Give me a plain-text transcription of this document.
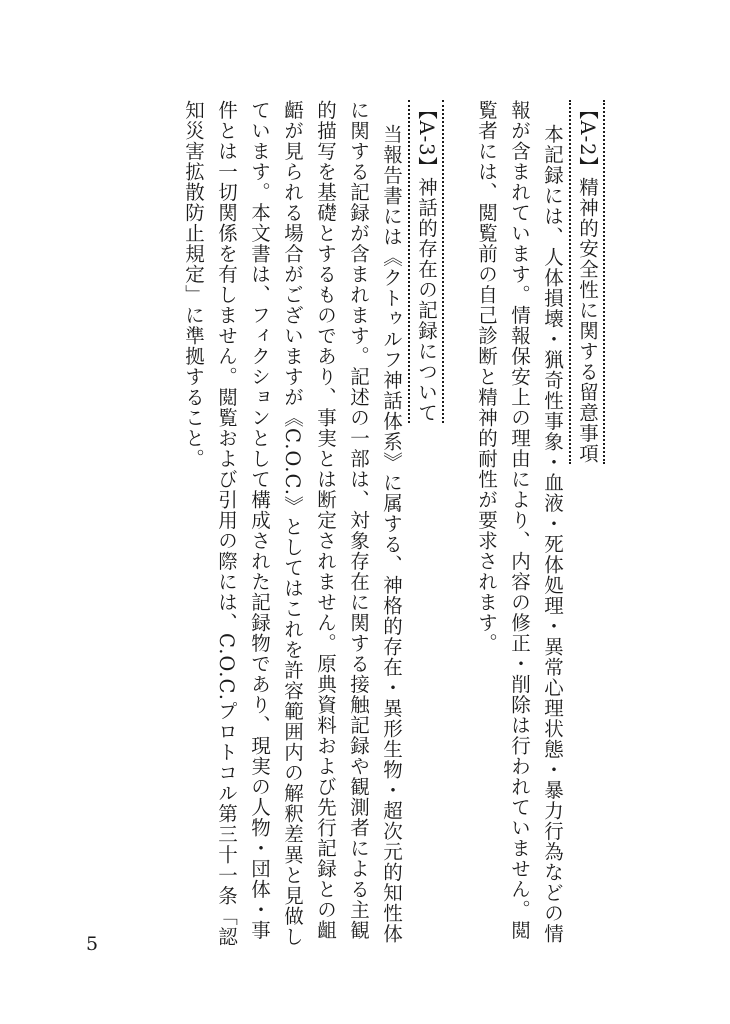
【A-2】精神的安全性に関する留意事項
本記録には、人体損壊・猟奇性事象・血液・死体処理・異常心理状態・暴力行為などの情
報が含まれています。情報保安上の理由により、内容の修正・削除は行われていません。閲
覧者には、閲覧前の自己診断と精神的耐性が要求されます。
【A-3】神話的存在の記録について
当報告書には《クトゥルフ神話体系》に属する、神格的存在・異形生物・超次元的知性体
に関する記録が含まれます。記述の一部は、対象存在に関する接触記録や観測者による主観
的描写を基礎とするものであり、事実とは断定されません。原典資料および先行記録との齟
齬が見られる場合がございますが《C.O.C.》としてはこれを許容範囲内の解釈差異と見做し
ています。本文書は、フィクションとして構成された記録物であり、現実の人物・団体・事
件とは一切関係を有しません。閲覧および引用の際には、C.O.C.プロトコル第三十一条「認
知災害拡散防止規定」に準拠すること。
5
